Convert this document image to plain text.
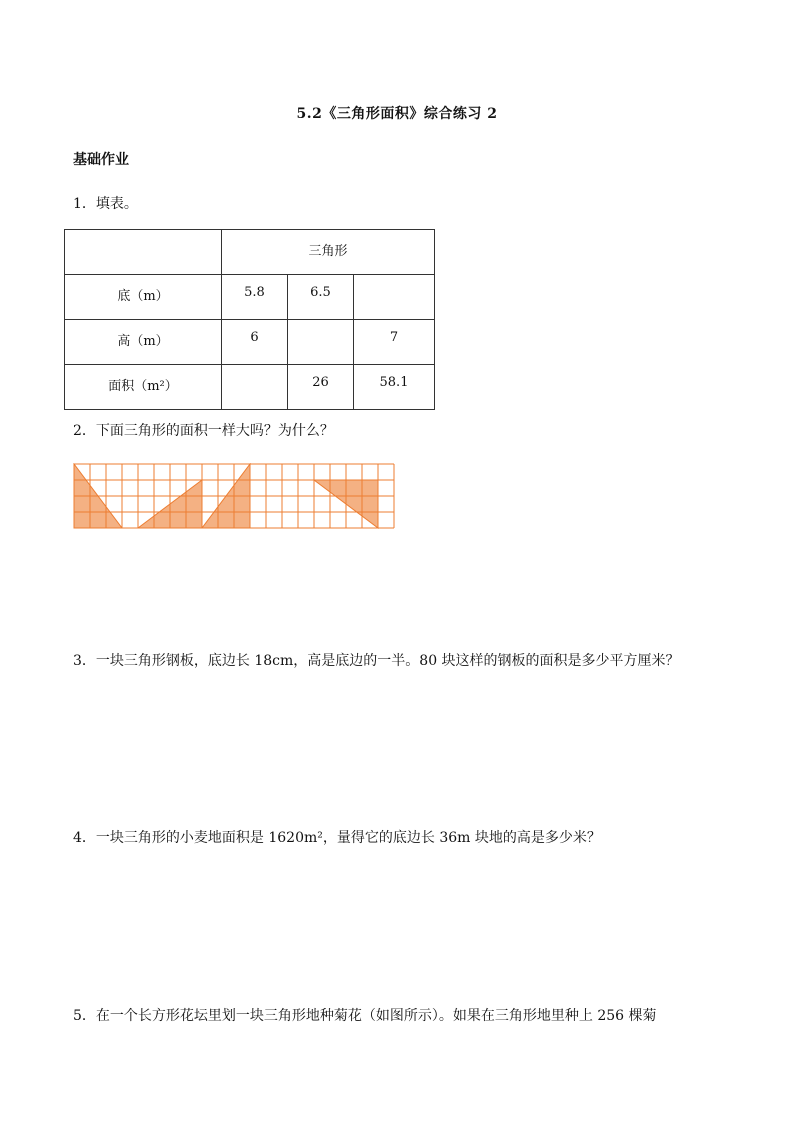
5.2《三角形面积》综合练习 2
基础作业
1．填表。
	三角形		
底（m）	5.8	6.5	
高（m）	6		7
面积（m²）		26	58.1
2．下面三角形的面积一样大吗？为什么？
3．一块三角形钢板，底边长 18cm，高是底边的一半。80 块这样的钢板的面积是多少平方厘米？
4．一块三角形的小麦地面积是 1620m²，量得它的底边长 36m 块地的高是多少米？
5．在一个长方形花坛里划一块三角形地种菊花（如图所示）。如果在三角形地里种上 256 棵菊
